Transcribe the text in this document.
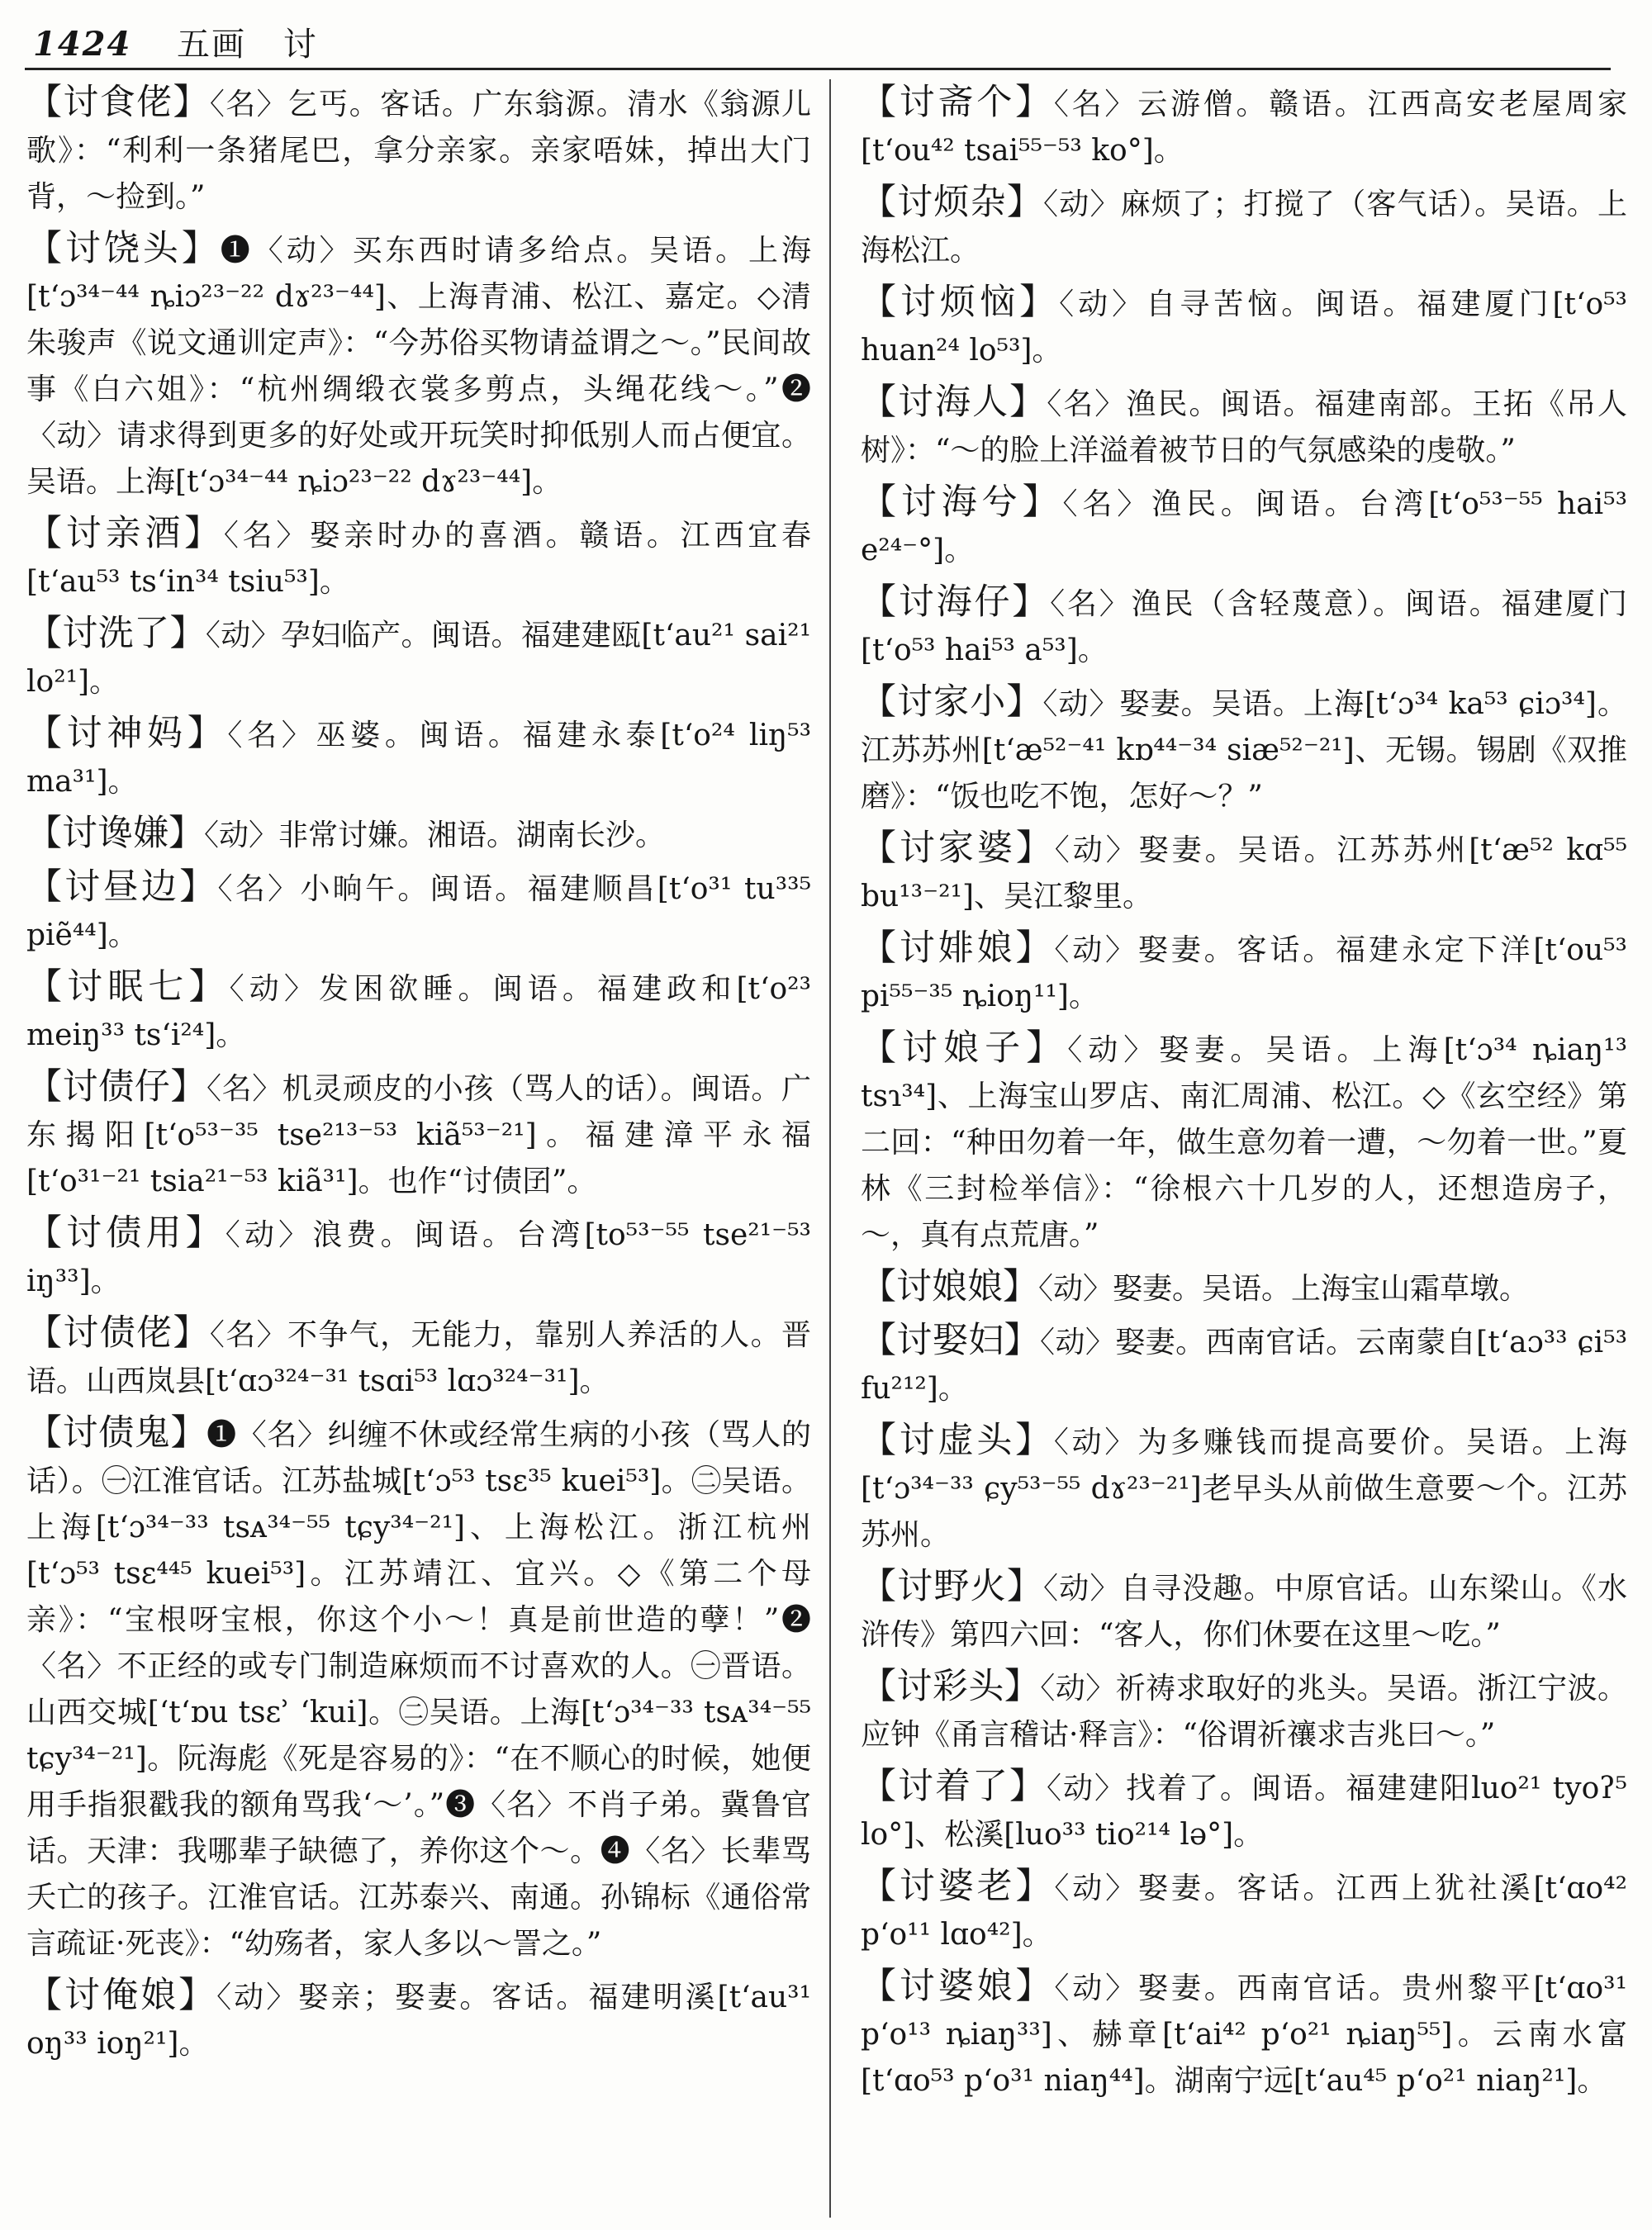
1424 五画 讨

【讨食佬】〈名〉乞丐。客话。广东翁源。清水《翁源儿歌》：“利利一条猪尾巴，拿分亲家。亲家唔妹，掉出大门背，～捡到。”

【讨饶头】❶〈动〉买东西时请多给点。吴语。上海[tʻɔ³⁴⁻⁴⁴ ȵiɔ²³⁻²² dɤ²³⁻⁴⁴]、上海青浦、松江、嘉定。◇清朱骏声《说文通训定声》：“今苏俗买物请益谓之～。”民间故事《白六姐》：“杭州绸缎衣裳多剪点，头绳花线～。”❷〈动〉请求得到更多的好处或开玩笑时抑低别人而占便宜。吴语。上海[tʻɔ³⁴⁻⁴⁴ ȵiɔ²³⁻²² dɤ²³⁻⁴⁴]。

【讨亲酒】〈名〉娶亲时办的喜酒。赣语。江西宜春[tʻau⁵³ tsʻin³⁴ tsiu⁵³]。

【讨洗了】〈动〉孕妇临产。闽语。福建建瓯[tʻau²¹ sai²¹ lo²¹]。

【讨神妈】〈名〉巫婆。闽语。福建永泰[tʻo²⁴ liŋ⁵³ ma³¹]。

【讨谗嫌】〈动〉非常讨嫌。湘语。湖南长沙。

【讨昼边】〈名〉小晌午。闽语。福建顺昌[tʻo³¹ tu³³⁵ piẽ⁴⁴]。

【讨眠七】〈动〉发困欲睡。闽语。福建政和[tʻo²³ meiŋ³³ tsʻi²⁴]。

【讨债仔】〈名〉机灵顽皮的小孩（骂人的话）。闽语。广东揭阳[tʻo⁵³⁻³⁵ tse²¹³⁻⁵³ kiã⁵³⁻²¹]。福建漳平永福[tʻo³¹⁻²¹ tsia²¹⁻⁵³ kiã³¹]。也作“讨债囝”。

【讨债用】〈动〉浪费。闽语。台湾[to⁵³⁻⁵⁵ tse²¹⁻⁵³ iŋ³³]。

【讨债佬】〈名〉不争气，无能力，靠别人养活的人。晋语。山西岚县[tʻɑɔ³²⁴⁻³¹ tsɑi⁵³ lɑɔ³²⁴⁻³¹]。

【讨债鬼】❶〈名〉纠缠不休或经常生病的小孩（骂人的话）。㊀江淮官话。江苏盐城[tʻɔ⁵³ tsɛ³⁵ kuei⁵³]。㊁吴语。上海[tʻɔ³⁴⁻³³ tsᴀ³⁴⁻⁵⁵ tɕy³⁴⁻²¹]、上海松江。浙江杭州[tʻɔ⁵³ tsɛ⁴⁴⁵ kuei⁵³]。江苏靖江、宜兴。◇《第二个母亲》：“宝根呀宝根，你这个小～！真是前世造的孽！”❷〈名〉不正经的或专门制造麻烦而不讨喜欢的人。㊀晋语。山西交城[ʻtʻɒu tsɛʾ ʻkui]。㊁吴语。上海[tʻɔ³⁴⁻³³ tsᴀ³⁴⁻⁵⁵ tɕy³⁴⁻²¹]。阮海彪《死是容易的》：“在不顺心的时候，她便用手指狠戳我的额角骂我‘～’。”❸〈名〉不肖子弟。冀鲁官话。天津：我哪辈子缺德了，养你这个～。❹〈名〉长辈骂夭亡的孩子。江淮官话。江苏泰兴、南通。孙锦标《通俗常言疏证·死丧》：“幼殇者，家人多以～詈之。”

【讨俺娘】〈动〉娶亲；娶妻。客话。福建明溪[tʻau³¹ oŋ³³ ioŋ²¹]。

【讨斋个】〈名〉云游僧。赣语。江西高安老屋周家[tʻou⁴² tsai⁵⁵⁻⁵³ ko°]。

【讨烦杂】〈动〉麻烦了；打搅了（客气话）。吴语。上海松江。

【讨烦恼】〈动〉自寻苦恼。闽语。福建厦门[tʻo⁵³ huan²⁴ lo⁵³]。

【讨海人】〈名〉渔民。闽语。福建南部。王拓《吊人树》：“～的脸上洋溢着被节日的气氛感染的虔敬。”

【讨海兮】〈名〉渔民。闽语。台湾[tʻo⁵³⁻⁵⁵ hai⁵³ e²⁴⁻°]。

【讨海仔】〈名〉渔民（含轻蔑意）。闽语。福建厦门[tʻo⁵³ hai⁵³ a⁵³]。

【讨家小】〈动〉娶妻。吴语。上海[tʻɔ³⁴ ka⁵³ ɕiɔ³⁴]。江苏苏州[tʻæ⁵²⁻⁴¹ kɒ⁴⁴⁻³⁴ siæ⁵²⁻²¹]、无锡。锡剧《双推磨》：“饭也吃不饱，怎好～？”

【讨家婆】〈动〉娶妻。吴语。江苏苏州[tʻæ⁵² kɑ⁵⁵ bu¹³⁻²¹]、吴江黎里。

【讨婔娘】〈动〉娶妻。客话。福建永定下洋[tʻou⁵³ pi⁵⁵⁻³⁵ ȵioŋ¹¹]。

【讨娘子】〈动〉娶妻。吴语。上海[tʻɔ³⁴ ȵiaŋ¹³ tsɿ³⁴]、上海宝山罗店、南汇周浦、松江。◇《玄空经》第二回：“种田勿着一年，做生意勿着一遭，～勿着一世。”夏林《三封检举信》：“徐根六十几岁的人，还想造房子，～，真有点荒唐。”

【讨娘娘】〈动〉娶妻。吴语。上海宝山霜草墩。

【讨娶妇】〈动〉娶妻。西南官话。云南蒙自[tʻaɔ³³ ɕi⁵³ fu²¹²]。

【讨虚头】〈动〉为多赚钱而提高要价。吴语。上海[tʻɔ³⁴⁻³³ ɕy⁵³⁻⁵⁵ dɤ²³⁻²¹]老早头从前做生意要～个。江苏苏州。

【讨野火】〈动〉自寻没趣。中原官话。山东梁山。《水浒传》第四六回：“客人，你们休要在这里～吃。”

【讨彩头】〈动〉祈祷求取好的兆头。吴语。浙江宁波。应钟《甬言稽诂·释言》：“俗谓祈禳求吉兆曰～。”

【讨着了】〈动〉找着了。闽语。福建建阳luo²¹ tyoʔ⁵ lo°]、松溪[luo³³ tio²¹⁴ lə°]。

【讨婆老】〈动〉娶妻。客话。江西上犹社溪[tʻɑo⁴² pʻo¹¹ lɑo⁴²]。

【讨婆娘】〈动〉娶妻。西南官话。贵州黎平[tʻɑo³¹ pʻo¹³ ȵiaŋ³³]、赫章[tʻai⁴² pʻo²¹ ȵiaŋ⁵⁵]。云南水富[tʻɑo⁵³ pʻo³¹ niaŋ⁴⁴]。湖南宁远[tʻau⁴⁵ pʻo²¹ niaŋ²¹]。
